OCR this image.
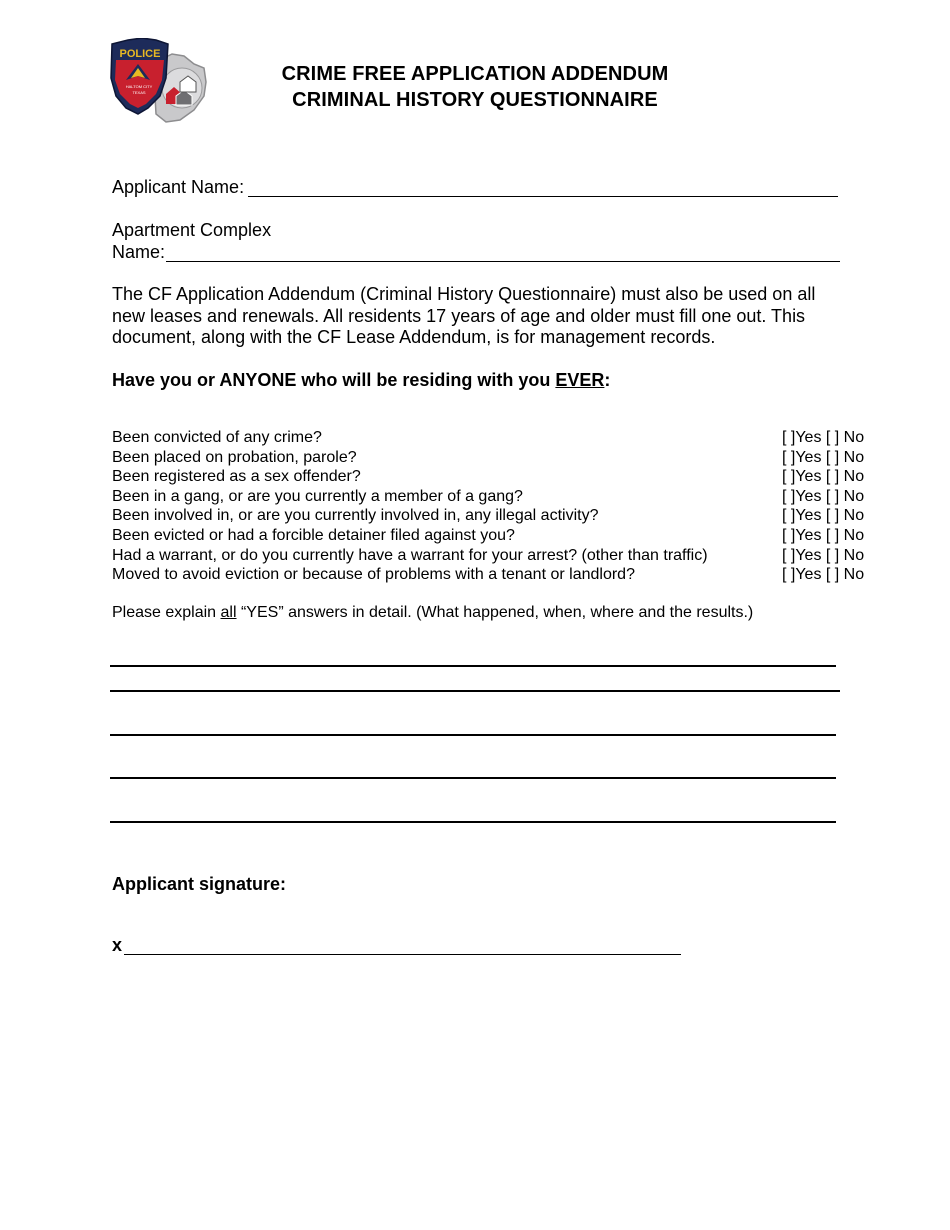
POLICE
HALTOM CITY
TEXAS
CRIME FREE APPLICATION ADDENDUM
CRIMINAL HISTORY QUESTIONNAIRE
Applicant Name:
Apartment Complex
Name:
The CF Application Addendum (Criminal History Questionnaire) must also be used on all new leases and renewals. All residents 17 years of age and older must fill one out. This document, along with the CF Lease Addendum, is for management records.
Have you or ANYONE who will be residing with you EVER:
Been convicted of any crime?	[ ]Yes [ ] No
Been placed on probation, parole?	[ ]Yes [ ] No
Been registered as a sex offender?	[ ]Yes [ ] No
Been in a gang, or are you currently a member of a gang?	[ ]Yes [ ] No
Been involved in, or are you currently involved in, any illegal activity?	[ ]Yes [ ] No
Been evicted or had a forcible detainer filed against you?	[ ]Yes [ ] No
Had a warrant, or do you currently have a warrant for your arrest? (other than traffic)	[ ]Yes [ ] No
Moved to avoid eviction or because of problems with a tenant or landlord?	[ ]Yes [ ] No
Please explain all “YES” answers in detail. (What happened, when, where and the results.)
Applicant signature:
x
